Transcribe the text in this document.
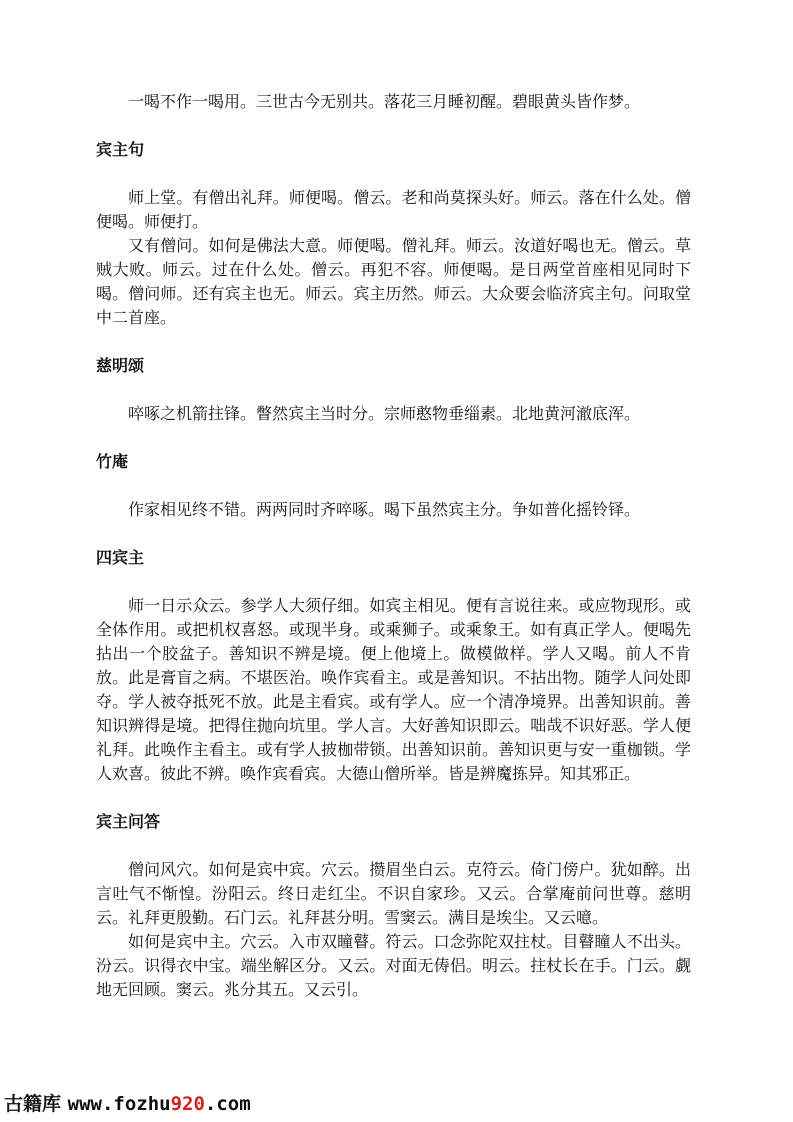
一喝不作一喝用。三世古今无别共。落花三月睡初醒。碧眼黄头皆作梦。

宾主句

师上堂。有僧出礼拜。师便喝。僧云。老和尚莫探头好。师云。落在什么处。僧便喝。师便打。

又有僧问。如何是佛法大意。师便喝。僧礼拜。师云。汝道好喝也无。僧云。草贼大败。师云。过在什么处。僧云。再犯不容。师便喝。是日两堂首座相见同时下喝。僧问师。还有宾主也无。师云。宾主历然。师云。大众要会临济宾主句。问取堂中二首座。

慈明颂

啐啄之机箭拄锋。瞥然宾主当时分。宗师憨物垂缁素。北地黄河澈底浑。

竹庵

作家相见终不错。两两同时齐啐啄。喝下虽然宾主分。争如普化摇铃铎。

四宾主

师一日示众云。参学人大须仔细。如宾主相见。便有言说往来。或应物现形。或全体作用。或把机权喜怒。或现半身。或乘狮子。或乘象王。如有真正学人。便喝先拈出一个胶盆子。善知识不辨是境。便上他境上。做模做样。学人又喝。前人不肯放。此是膏盲之病。不堪医治。唤作宾看主。或是善知识。不拈出物。随学人问处即夺。学人被夺抵死不放。此是主看宾。或有学人。应一个清净境界。出善知识前。善知识辨得是境。把得住抛向坑里。学人言。大好善知识即云。咄哉不识好恶。学人便礼拜。此唤作主看主。或有学人披枷带锁。出善知识前。善知识更与安一重枷锁。学人欢喜。彼此不辨。唤作宾看宾。大德山僧所举。皆是辨魔拣异。知其邪正。

宾主问答

僧问风穴。如何是宾中宾。穴云。攒眉坐白云。克符云。倚门傍户。犹如醉。出言吐气不惭惶。汾阳云。终日走红尘。不识自家珍。又云。合掌庵前问世尊。慈明云。礼拜更殷勤。石门云。礼拜甚分明。雪窦云。满目是埃尘。又云噫。

如何是宾中主。穴云。入市双瞳瞽。符云。口念弥陀双拄杖。目瞽瞳人不出头。汾云。识得衣中宝。端坐解区分。又云。对面无俦侣。明云。拄杖长在手。门云。觑地无回顾。窦云。兆分其五。又云引。

古籍库 www.fozhu920.com
